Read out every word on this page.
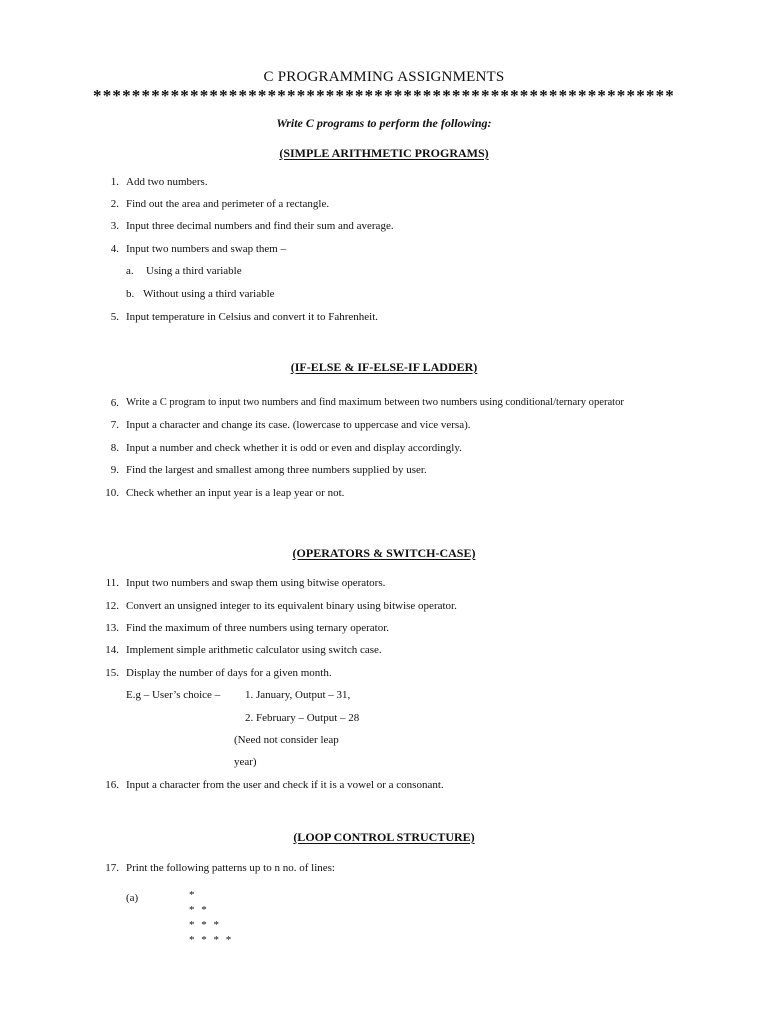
C PROGRAMMING ASSIGNMENTS
************************************************************
Write C programs to perform the following:
(SIMPLE ARITHMETIC PROGRAMS)
1. Add two numbers.
2. Find out the area and perimeter of a rectangle.
3. Input three decimal numbers and find their sum and average.
4. Input two numbers and swap them –
a. Using a third variable
b. Without using a third variable
5. Input temperature in Celsius and convert it to Fahrenheit.
(IF-ELSE & IF-ELSE-IF LADDER)
6. Write a C program to input two numbers and find maximum between two numbers using conditional/ternary operator
7. Input a character and change its case. (lowercase to uppercase and vice versa).
8. Input a number and check whether it is odd or even and display accordingly.
9. Find the largest and smallest among three numbers supplied by user.
10. Check whether an input year is a leap year or not.
(OPERATORS & SWITCH-CASE)
11. Input two numbers and swap them using bitwise operators.
12. Convert an unsigned integer to its equivalent binary using bitwise operator.
13. Find the maximum of three numbers using ternary operator.
14. Implement simple arithmetic calculator using switch case.
15. Display the number of days for a given month.
E.g – User’s choice – 1. January, Output – 31,
2. February – Output – 28
(Need not consider leap
year)
16. Input a character from the user and check if it is a vowel or a consonant.
(LOOP CONTROL STRUCTURE)
17. Print the following patterns up to n no. of lines:
(a)	*
* *
* * *
* * * *
